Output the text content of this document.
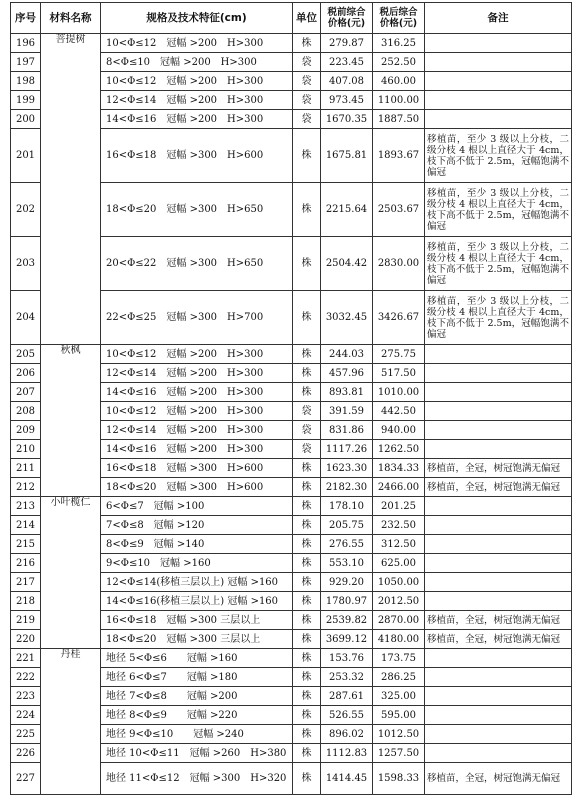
序号	材料名称	规格及技术特征(cm)	单位	税前综合价格(元)	税后综合价格(元)	备注
196	菩提树	10<Φ≤12　冠幅 >200　H>300	株	279.87	316.25	
197		8<Φ≤10　冠幅 >200　H>300	袋	223.45	252.50	
198		10<Φ≤12　冠幅 >200　H>300	袋	407.08	460.00	
199		12<Φ≤14　冠幅 >200　H>300	袋	973.45	1100.00	
200		14<Φ≤16　冠幅 >200　H>300	袋	1670.35	1887.50	
201		16<Φ≤18　冠幅 >300　H>600	株	1675.81	1893.67	移植苗，至少 3 级以上分枝，二级分枝 4 根以上直径大于 4cm，枝下高不低于 2.5m，冠幅饱满不偏冠
202		18<Φ≤20　冠幅 >300　H>650	株	2215.64	2503.67	移植苗，至少 3 级以上分枝，二级分枝 4 根以上直径大于 4cm，枝下高不低于 2.5m，冠幅饱满不偏冠
203		20<Φ≤22　冠幅 >300　H>650	株	2504.42	2830.00	移植苗，至少 3 级以上分枝，二级分枝 4 根以上直径大于 4cm，枝下高不低于 2.5m，冠幅饱满不偏冠
204		22<Φ≤25　冠幅 >300　H>700	株	3032.45	3426.67	移植苗，至少 3 级以上分枝，二级分枝 4 根以上直径大于 4cm，枝下高不低于 2.5m，冠幅饱满不偏冠
205	秋枫	10<Φ≤12　冠幅 >200　H>300	株	244.03	275.75	
206		12<Φ≤14　冠幅 >200　H>300	株	457.96	517.50	
207		14<Φ≤16　冠幅 >200　H>300	株	893.81	1010.00	
208		10<Φ≤12　冠幅 >200　H>300	袋	391.59	442.50	
209		12<Φ≤14　冠幅 >200　H>300	袋	831.86	940.00	
210		14<Φ≤16　冠幅 >200　H>300	袋	1117.26	1262.50	
211		16<Φ≤18　冠幅 >300　H>600	株	1623.30	1834.33	移植苗，全冠，树冠饱满无偏冠
212		18<Φ≤20　冠幅 >300　H>600	株	2182.30	2466.00	移植苗，全冠，树冠饱满无偏冠
213	小叶榄仁	6<Φ≤7　冠幅 >100	株	178.10	201.25	
214		7<Φ≤8　冠幅 >120	株	205.75	232.50	
215		8<Φ≤9　冠幅 >140	株	276.55	312.50	
216		9<Φ≤10　冠幅 >160	株	553.10	625.00	
217		12<Φ≤14(移植三层以上) 冠幅 >160	株	929.20	1050.00	
218		14<Φ≤16(移植三层以上) 冠幅 >160	株	1780.97	2012.50	
219		16<Φ≤18　冠幅 >300 三层以上	株	2539.82	2870.00	移植苗，全冠，树冠饱满无偏冠
220		18<Φ≤20　冠幅 >300 三层以上	株	3699.12	4180.00	移植苗，全冠，树冠饱满无偏冠
221	丹桂	地径 5<Φ≤6　　冠幅 >160	株	153.76	173.75	
222		地径 6<Φ≤7　　冠幅 >180	株	253.32	286.25	
223		地径 7<Φ≤8　　冠幅 >200	株	287.61	325.00	
224		地径 8<Φ≤9　　冠幅 >220	株	526.55	595.00	
225		地径 9<Φ≤10　　冠幅 >240	株	896.02	1012.50	
226		地径 10<Φ≤11　冠幅 >260　H>380	株	1112.83	1257.50	
227		地径 11<Φ≤12　冠幅 >300　H>320	株	1414.45	1598.33	移植苗，全冠，树冠饱满无偏冠
